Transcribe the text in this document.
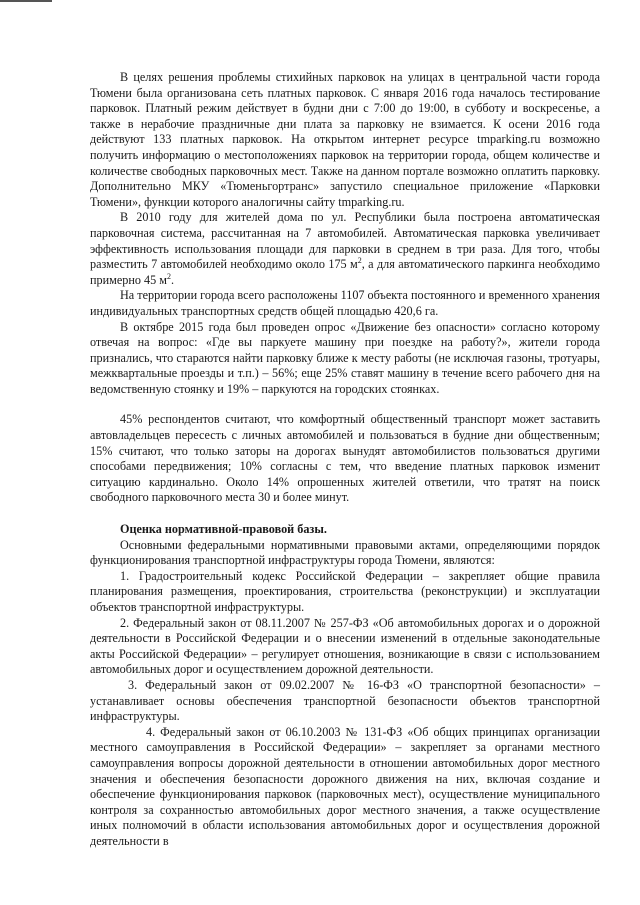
В целях решения проблемы стихийных парковок на улицах в центральной части города Тюмени была организована сеть платных парковок. С января 2016 года началось тестирование парковок. Платный режим действует в будни дни с 7:00 до 19:00, в субботу и воскресенье, а также в нерабочие праздничные дни плата за парковку не взимается. К осени 2016 года действуют 133 платных парковок. На открытом интернет ресурсе tmparking.ru возможно получить информацию о местоположениях парковок на территории города, общем количестве и количестве свободных парковочных мест. Также на данном портале возможно оплатить парковку. Дополнительно МКУ «Тюменьгортранс» запустило специальное приложение «Парковки Тюмени», функции которого аналогичны сайту tmparking.ru.

В 2010 году для жителей дома по ул. Республики была построена автоматическая парковочная система, рассчитанная на 7 автомобилей. Автоматическая парковка увеличивает эффективность использования площади для парковки в среднем в три раза. Для того, чтобы разместить 7 автомобилей необходимо около 175 $м^2$, а для автоматического паркинга необходимо примерно 45 $м^2$.

На территории города всего расположены 1107 объекта постоянного и временного хранения индивидуальных транспортных средств общей площадью 420,6 га.

В октябре 2015 года был проведен опрос «Движение без опасности» согласно которому отвечая на вопрос: «Где вы паркуете машину при поездке на работу?», жители города признались, что стараются найти парковку ближе к месту работы (не исключая газоны, тротуары, межквартальные проезды и т.п.) – 56%; еще 25% ставят машину в течение всего рабочего дня на ведомственную стоянку и 19% – паркуются на городских стоянках.

45% респондентов считают, что комфортный общественный транспорт может заставить автовладельцев пересесть с личных автомобилей и пользоваться в будние дни общественным; 15% считают, что только заторы на дорогах вынудят автомобилистов пользоваться другими способами передвижения; 10% согласны с тем, что введение платных парковок изменит ситуацию кардинально. Около 14% опрошенных жителей ответили, что тратят на поиск свободного парковочного места 30 и более минут.

Оценка нормативной-правовой базы.

Основными федеральными нормативными правовыми актами, определяющими порядок функционирования транспортной инфраструктуры города Тюмени, являются:

1. Градостроительный кодекс Российской Федерации – закрепляет общие правила планирования размещения, проектирования, строительства (реконструкции) и эксплуатации объектов транспортной инфраструктуры.

2. Федеральный закон от 08.11.2007 № 257-ФЗ «Об автомобильных дорогах и о дорожной деятельности в Российской Федерации и о внесении изменений в отдельные законодательные акты Российской Федерации» – регулирует отношения, возникающие в связи с использованием автомобильных дорог и осуществлением дорожной деятельности.

3. Федеральный закон от 09.02.2007 № 16-ФЗ «О транспортной безопасности» – устанавливает основы обеспечения транспортной безопасности объектов транспортной инфраструктуры.

4. Федеральный закон от 06.10.2003 № 131-ФЗ «Об общих принципах организации местного самоуправления в Российской Федерации» – закрепляет за органами местного самоуправления вопросы дорожной деятельности в отношении автомобильных дорог местного значения и обеспечения безопасности дорожного движения на них, включая создание и обеспечение функционирования парковок (парковочных мест), осуществление муниципального контроля за сохранностью автомобильных дорог местного значения, а также осуществление иных полномочий в области использования автомобильных дорог и осуществления дорожной деятельности в
